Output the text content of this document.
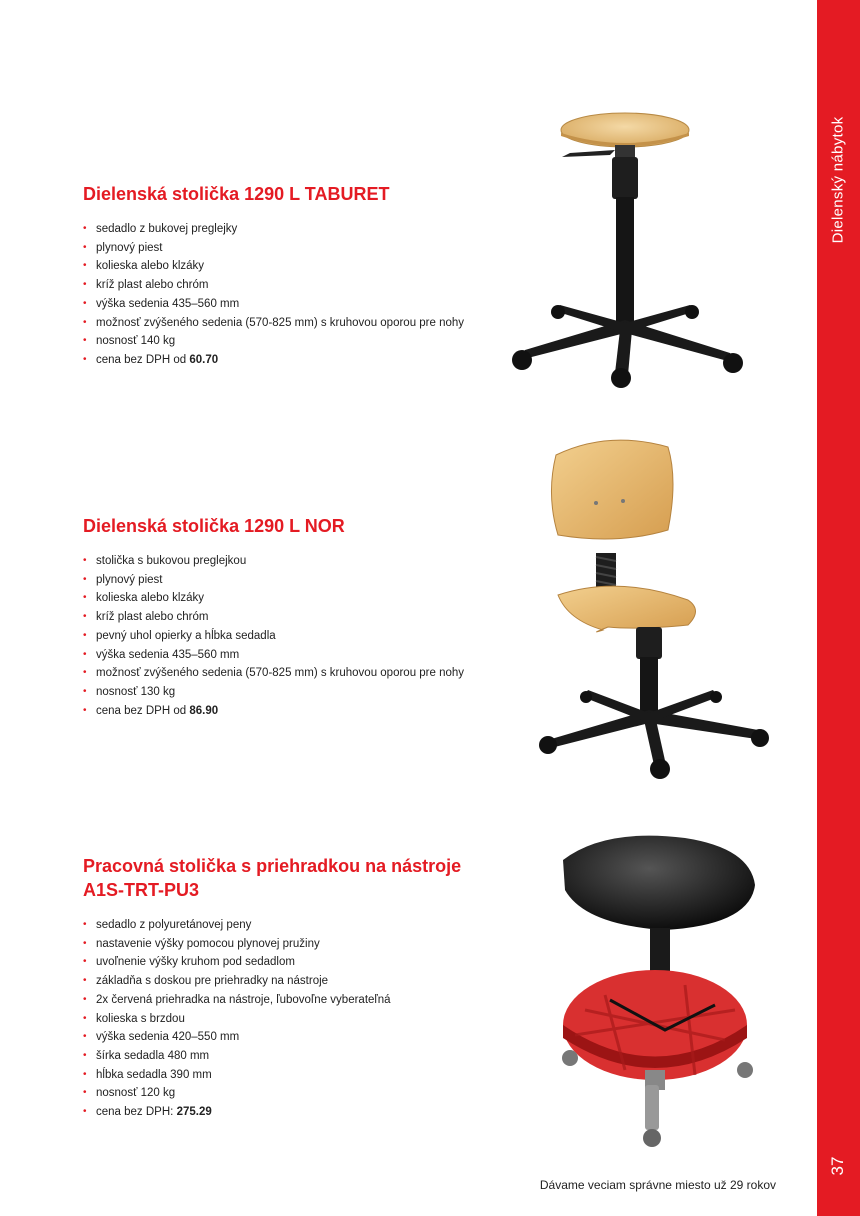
Dielenský nábytok
37
Dielenská stolička 1290 L TABURET
• sedadlo z bukovej preglejky
• plynový piest
• kolieska alebo klzáky
• kríž plast alebo chróm
• výška sedenia 435–560 mm
• možnosť zvýšeného sedenia (570-825 mm) s kruhovou oporou pre nohy
• nosnosť 140 kg
• cena bez DPH od 60.70
Dielenská stolička 1290 L NOR
• stolička s bukovou preglejkou
• plynový piest
• kolieska alebo klzáky
• kríž plast alebo chróm
• pevný uhol opierky a hĺbka sedadla
• výška sedenia 435–560 mm
• možnosť zvýšeného sedenia (570-825 mm) s kruhovou oporou pre nohy
• nosnosť 130 kg
• cena bez DPH od 86.90
Pracovná stolička s priehradkou na nástroje A1S-TRT-PU3
• sedadlo z polyuretánovej peny
• nastavenie výšky pomocou plynovej pružiny
• uvoľnenie výšky kruhom pod sedadlom
• základňa s doskou pre priehradky na nástroje
• 2x červená priehradka na nástroje, ľubovoľne vyberateľná
• kolieska s brzdou
• výška sedenia 420–550 mm
• šírka sedadla 480 mm
• hĺbka sedadla 390 mm
• nosnosť 120 kg
• cena bez DPH: 275.29
Dávame veciam správne miesto už 29 rokov
